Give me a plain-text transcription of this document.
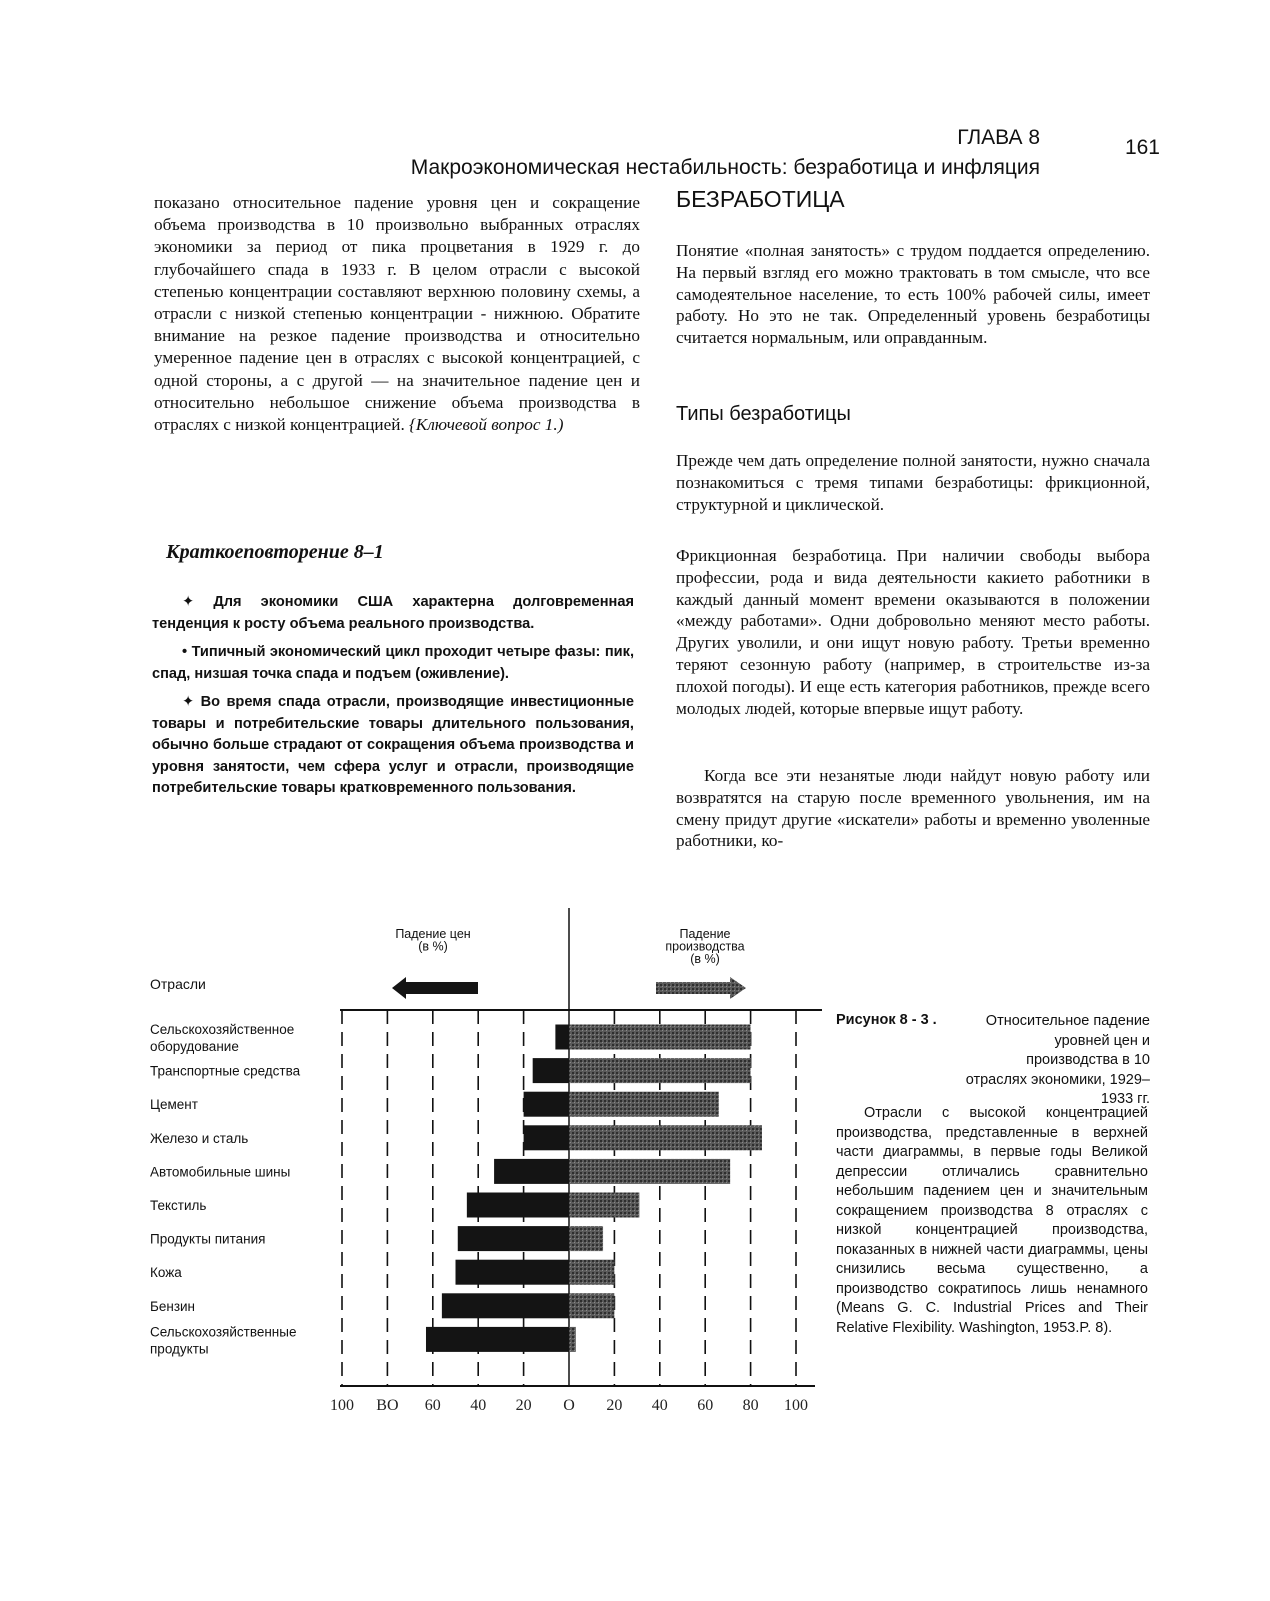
ГЛАВА 8	161
Макроэкономическая нестабильность: безработица и инфляция

показано относительное падение уровня цен и сокращение объема производства в 10 произвольно выбранных отраслях экономики за период от пика процветания в 1929 г. до глубочайшего спада в 1933 г. В целом отрасли с высокой степенью концентрации составляют верхнюю половину схемы, а отрасли с низкой степенью концентрации - нижнюю. Обратите внимание на резкое падение производства и относительно умеренное падение цен в отраслях с высокой концентрацией, с одной стороны, а с другой — на значительное падение цен и относительно небольшое снижение объема производства в отраслях с низкой концентрацией. {Ключевой вопрос 1.)

Краткоеповторение 8–1
✦ Для экономики США характерна долговременная тенденция к росту объема реального производства.
• Типичный экономический цикл проходит четыре фазы: пик, спад, низшая точка спада и подъем (оживление).
✦ Во время спада отрасли, производящие инвестиционные товары и потребительские товары длительного пользования, обычно больше страдают от сокращения объема производства и уровня занятости, чем сфера услуг и отрасли, производящие потребительские товары кратковременного пользования.
БЕЗРАБОТИЦА

Понятие «полная занятость» с трудом поддается определению. На первый взгляд его можно трактовать в том смысле, что все самодеятельное население, то есть 100% рабочей силы, имеет работу. Но это не так. Определенный уровень безработицы считается нормальным, или оправданным.

Типы безработицы

Прежде чем дать определение полной занятости, нужно сначала познакомиться с тремя типами безработицы: фрикционной, структурной и циклической.

Фрикционная безработица. При наличии свободы выбора профессии, рода и вида деятельности какието работники в каждый данный момент времени оказываются в положении «между работами». Одни добровольно меняют место работы. Других уволили, и они ищут новую работу. Третьи временно теряют сезонную работу (например, в строительстве из-за плохой погоды). И еще есть категория работников, прежде всего молодых людей, которые впервые ищут работу.

Когда все эти незанятые люди найдут новую работу или возвратятся на старую после временного увольнения, им на смену придут другие «искатели» работы и временно уволенные работники, ко-

Отрасли
Падение цен (в %)
Падение производства (в %)
Сельскохозяйственное оборудование
Транспортные средства
Цемент
Железо и сталь
Автомобильные шины
Текстиль
Продукты питания
Кожа
Бензин
Сельскохозяйственные продукты
100 BO 60 40 20 O 20 40 60 80 100

Рисунок 8 - 3 .	Относительное падение уровней цен и производства в 10 отраслях экономики, 1929–1933 гг.

Отрасли с высокой концентрацией производства, представленные в верхней части диаграммы, в первые годы Великой депрессии отличались сравнительно небольшим падением цен и значительным сокращением производства 8 отраслях с низкой концентрацией производства, показанных в нижней части диаграммы, цены снизились весьма существенно, а производство сократипось лишь ненамного (Means G. C. Industrial Prices and Their Relative Flexibility. Washington, 1953.P. 8).
